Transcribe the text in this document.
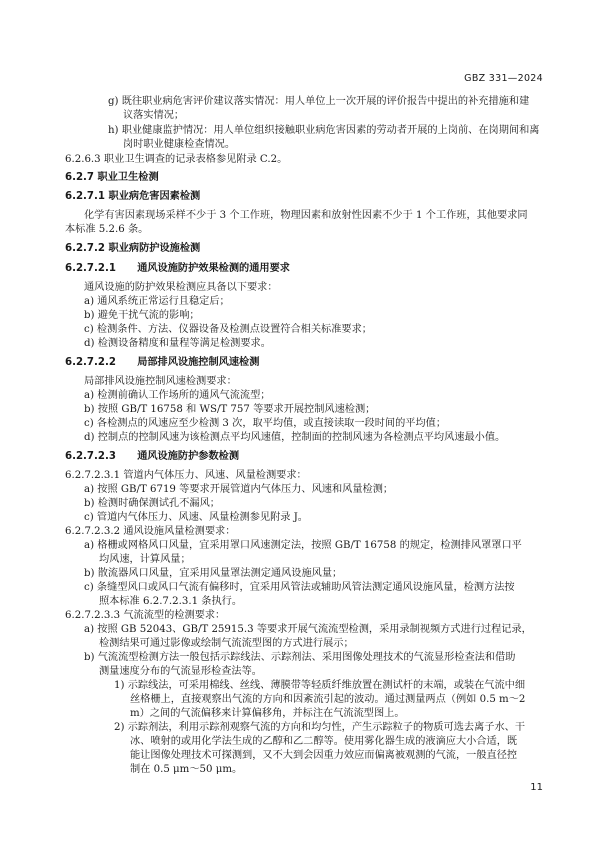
GBZ 331—2024
g) 既往职业病危害评价建议落实情况：用人单位上一次开展的评价报告中提出的补充措施和建
议落实情况；
h) 职业健康监护情况：用人单位组织接触职业病危害因素的劳动者开展的上岗前、在岗期间和离
岗时职业健康检查情况。
6.2.6.3 职业卫生调查的记录表格参见附录 C.2。
6.2.7 职业卫生检测
6.2.7.1 职业病危害因素检测
化学有害因素现场采样不少于 3 个工作班，物理因素和放射性因素不少于 1 个工作班，其他要求同
本标准 5.2.6 条。
6.2.7.2 职业病防护设施检测
6.2.7.2.1 通风设施防护效果检测的通用要求
通风设施的防护效果检测应具备以下要求：
a) 通风系统正常运行且稳定后；
b) 避免干扰气流的影响；
c) 检测条件、方法、仪器设备及检测点设置符合相关标准要求；
d) 检测设备精度和量程等满足检测要求。
6.2.7.2.2 局部排风设施控制风速检测
局部排风设施控制风速检测要求：
a) 检测前确认工作场所的通风气流流型；
b) 按照 GB/T 16758 和 WS/T 757 等要求开展控制风速检测；
c) 各检测点的风速应至少检测 3 次，取平均值，或直接读取一段时间的平均值；
d) 控制点的控制风速为该检测点平均风速值，控制面的控制风速为各检测点平均风速最小值。
6.2.7.2.3 通风设施防护参数检测
6.2.7.2.3.1 管道内气体压力、风速、风量检测要求：
a) 按照 GB/T 6719 等要求开展管道内气体压力、风速和风量检测；
b) 检测时确保测试孔不漏风；
c) 管道内气体压力、风速、风量检测参见附录 J。
6.2.7.2.3.2 通风设施风量检测要求：
a) 格栅或网格风口风量，宜采用罩口风速测定法，按照 GB/T 16758 的规定，检测排风罩罩口平
均风速，计算风量；
b) 散流器风口风量，宜采用风量罩法测定通风设施风量；
c) 条缝型风口或风口气流有偏移时，宜采用风管法或辅助风管法测定通风设施风量，检测方法按
照本标准 6.2.7.2.3.1 条执行。
6.2.7.2.3.3 气流流型的检测要求：
a) 按照 GB 52043、GB/T 25915.3 等要求开展气流流型检测，采用录制视频方式进行过程记录，
检测结果可通过影像或绘制气流流型图的方式进行展示；
b) 气流流型检测方法一般包括示踪线法、示踪剂法、采用图像处理技术的气流显形检查法和借助
测量速度分布的气流显形检查法等。
1) 示踪线法，可采用棉线、丝线、薄膜带等轻质纤维放置在测试杆的末端，或装在气流中细
丝格栅上，直接观察出气流的方向和因紊流引起的波动。通过测量两点（例如 0.5 m～2
m）之间的气流偏移来计算偏移角，并标注在气流流型图上。
2) 示踪剂法，利用示踪剂观察气流的方向和均匀性，产生示踪粒子的物质可选去离子水、干
冰、喷射的或用化学法生成的乙醇和乙二醇等。使用雾化器生成的液滴应大小合适，既
能让图像处理技术可探测到，又不大到会因重力效应而偏离被观测的气流，一般直径控
制在 0.5 μm～50 μm。
11
